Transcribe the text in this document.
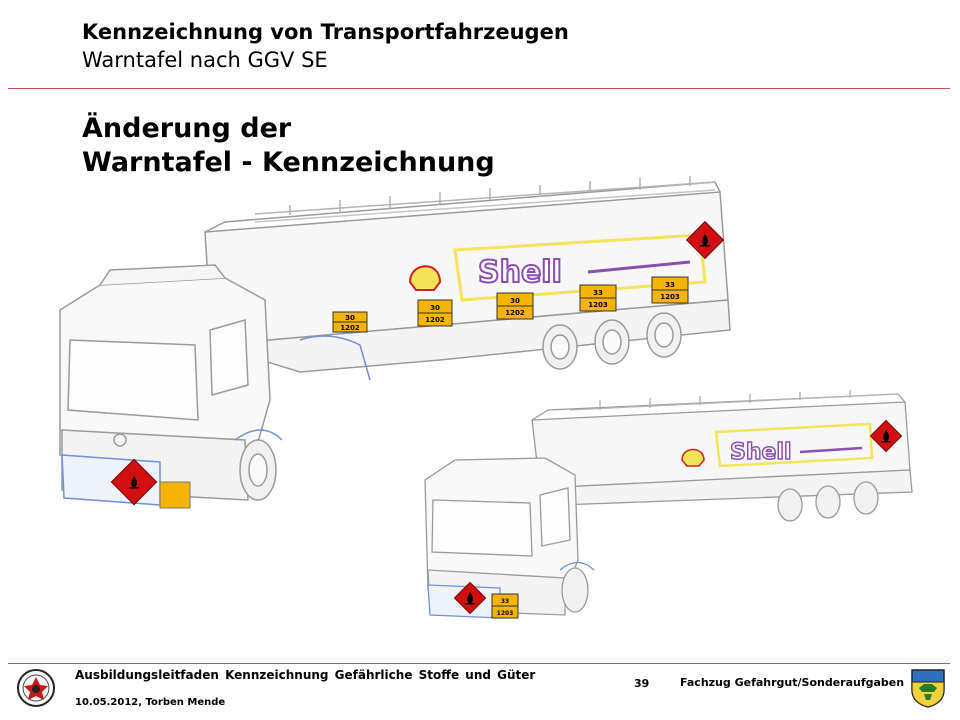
Kennzeichnung von Transportfahrzeugen
Warntafel nach GGV SE
Änderung der
Warntafel - Kennzeichnung
Shell
30
1202
30
1202
30
1202
33
1203
33
1203
Shell
33
1203
Ausbildungsleitfaden Kennzeichnung Gefährliche Stoffe und Güter
10.05.2012, Torben Mende
39	Fachzug Gefahrgut/Sonderaufgaben
